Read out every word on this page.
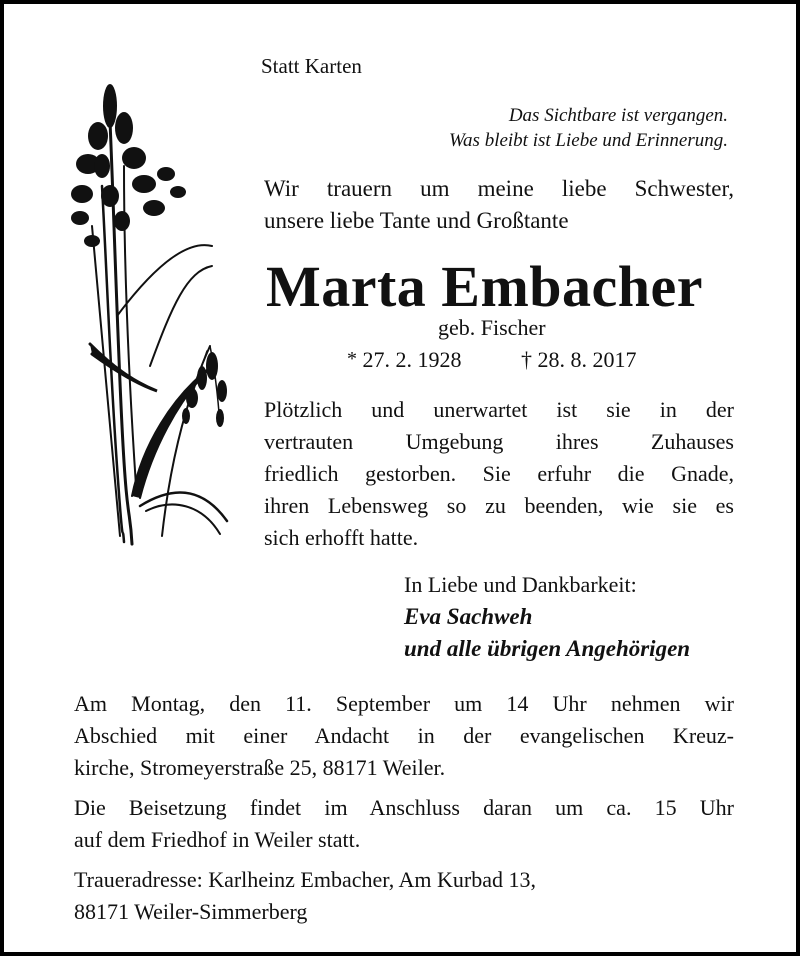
Statt Karten
Das Sichtbare ist vergangen.
Was bleibt ist Liebe und Erinnerung.
Wir trauern um meine liebe Schwester,
unsere liebe Tante und Großtante
Marta Embacher
geb. Fischer
* 27. 2. 1928	† 28. 8. 2017
Plötzlich und unerwartet ist sie in der
vertrauten Umgebung ihres Zuhauses
friedlich gestorben. Sie erfuhr die Gnade,
ihren Lebensweg so zu beenden, wie sie es
sich erhofft hatte.
In Liebe und Dankbarkeit:
Eva Sachweh
und alle übrigen Angehörigen
Am Montag, den 11. September um 14 Uhr nehmen wir
Abschied mit einer Andacht in der evangelischen Kreuz-
kirche, Stromeyerstraße 25, 88171 Weiler.
Die Beisetzung findet im Anschluss daran um ca. 15 Uhr
auf dem Friedhof in Weiler statt.
Traueradresse: Karlheinz Embacher, Am Kurbad 13,
88171 Weiler-Simmerberg
